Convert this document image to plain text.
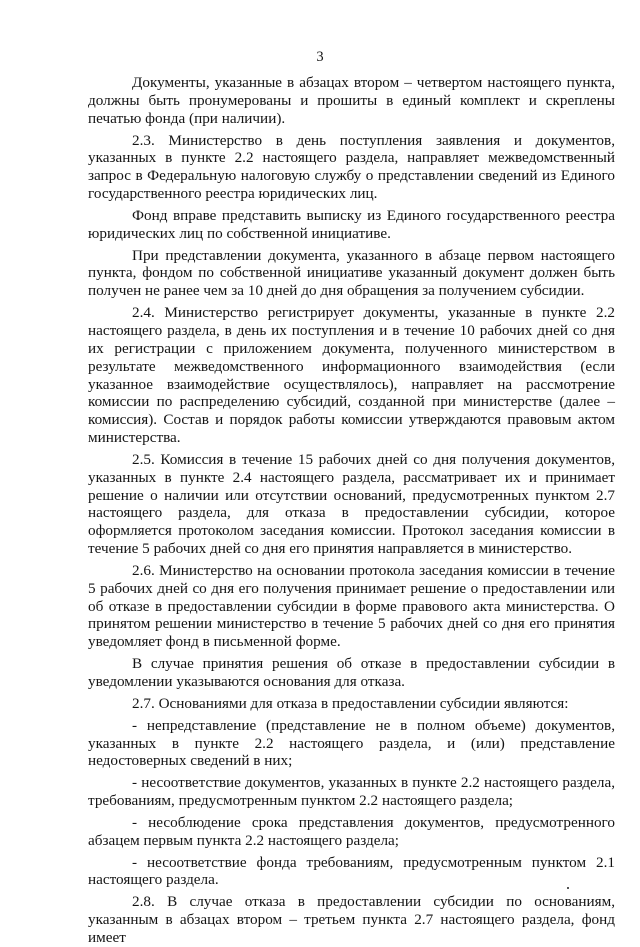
3

Документы, указанные в абзацах втором – четвертом настоящего пункта, должны быть пронумерованы и прошиты в единый комплект и скреплены печатью фонда (при наличии).

2.3. Министерство в день поступления заявления и документов, указанных в пункте 2.2 настоящего раздела, направляет межведомственный запрос в Федеральную налоговую службу о представлении сведений из Единого государственного реестра юридических лиц.

Фонд вправе представить выписку из Единого государственного реестра юридических лиц по собственной инициативе.

При представлении документа, указанного в абзаце первом настоящего пункта, фондом по собственной инициативе указанный документ должен быть получен не ранее чем за 10 дней до дня обращения за получением субсидии.

2.4. Министерство регистрирует документы, указанные в пункте 2.2 настоящего раздела, в день их поступления и в течение 10 рабочих дней со дня их регистрации с приложением документа, полученного министерством в результате межведомственного информационного взаимодействия (если указанное взаимодействие осуществлялось), направляет на рассмотрение комиссии по распределению субсидий, созданной при министерстве (далее – комиссия). Состав и порядок работы комиссии утверждаются правовым актом министерства.

2.5. Комиссия в течение 15 рабочих дней со дня получения документов, указанных в пункте 2.4 настоящего раздела, рассматривает их и принимает решение о наличии или отсутствии оснований, предусмотренных пунктом 2.7 настоящего раздела, для отказа в предоставлении субсидии, которое оформляется протоколом заседания комиссии. Протокол заседания комиссии в течение 5 рабочих дней со дня его принятия направляется в министерство.

2.6. Министерство на основании протокола заседания комиссии в течение 5 рабочих дней со дня его получения принимает решение о предоставлении или об отказе в предоставлении субсидии в форме правового акта министерства. О принятом решении министерство в течение 5 рабочих дней со дня его принятия уведомляет фонд в письменной форме.

В случае принятия решения об отказе в предоставлении субсидии в уведомлении указываются основания для отказа.

2.7. Основаниями для отказа в предоставлении субсидии являются:

- непредставление (представление не в полном объеме) документов, указанных в пункте 2.2 настоящего раздела, и (или) представление недостоверных сведений в них;

- несоответствие документов, указанных в пункте 2.2 настоящего раздела, требованиям, предусмотренным пунктом 2.2 настоящего раздела;

- несоблюдение срока представления документов, предусмотренного абзацем первым пункта 2.2 настоящего раздела;

- несоответствие фонда требованиям, предусмотренным пунктом 2.1 настоящего раздела.

2.8. В случае отказа в предоставлении субсидии по основаниям, указанным в абзацах втором – третьем пункта 2.7 настоящего раздела, фонд имеет
